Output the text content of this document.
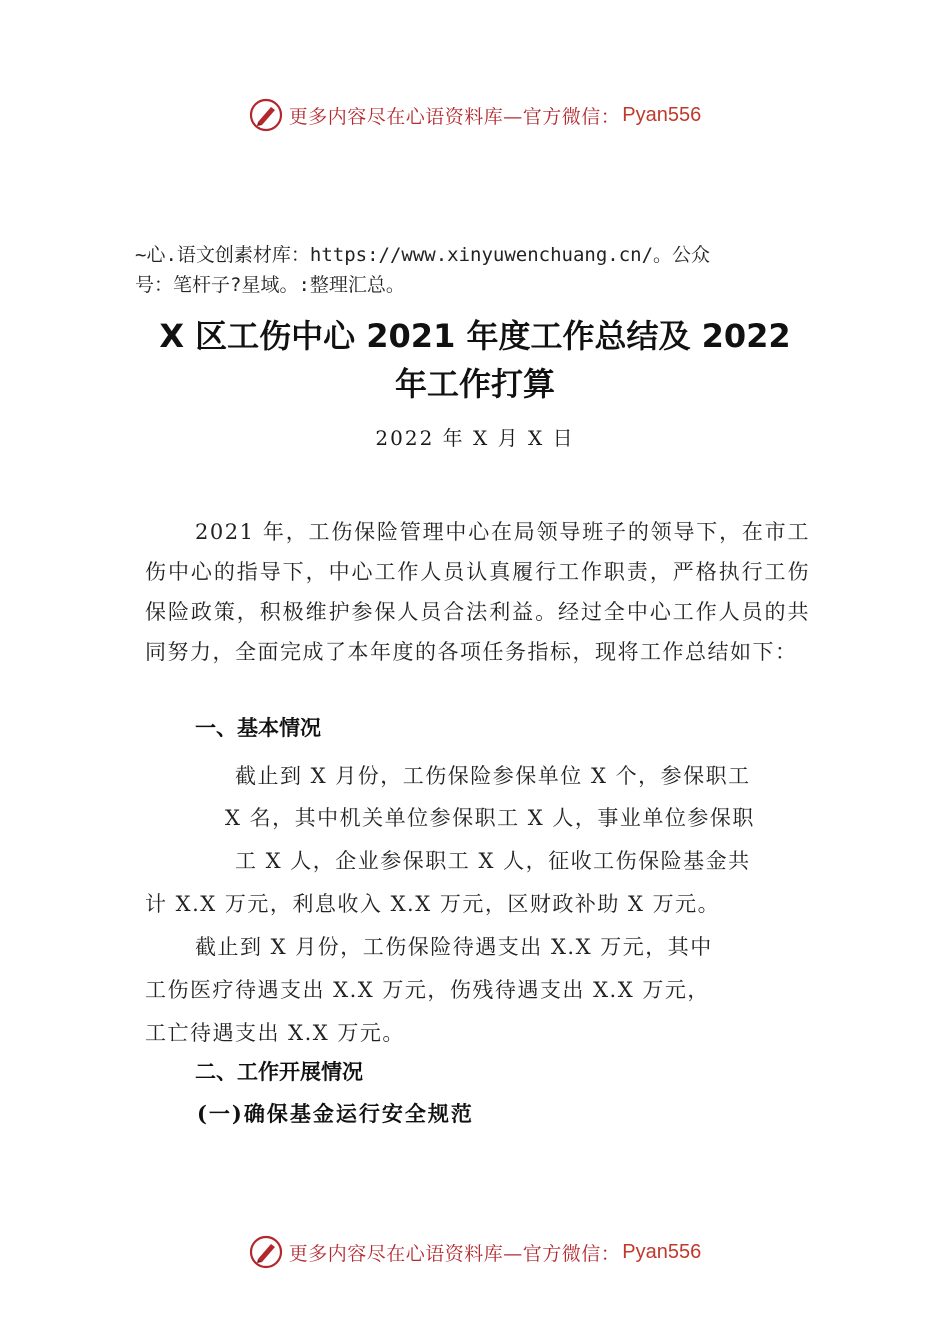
更多内容尽在心语资料库—官方微信： Pyan556
~心.语文创素材库：https://www.xinyuwenchuang.cn/。公众
号：笔杆子?星域。:整理汇总。
X 区工伤中心 2021 年度工作总结及 2022
年工作打算
2022 年 X 月 X 日

2021 年，工伤保险管理中心在局领导班子的领导下，在市工伤中心的指导下，中心工作人员认真履行工作职责，严格执行工伤保险政策，积极维护参保人员合法利益。经过全中心工作人员的共同努力，全面完成了本年度的各项任务指标，现将工作总结如下：

一、基本情况
截止到 X 月份，工伤保险参保单位 X 个，参保职工
X 名，其中机关单位参保职工 X 人，事业单位参保职
工 X 人，企业参保职工 X 人，征收工伤保险基金共
计 X.X 万元，利息收入 X.X 万元，区财政补助 X 万元。
截止到 X 月份，工伤保险待遇支出 X.X 万元，其中
工伤医疗待遇支出 X.X 万元，伤残待遇支出 X.X 万元，
工亡待遇支出 X.X 万元。
二、工作开展情况
(一)确保基金运行安全规范
更多内容尽在心语资料库—官方微信： Pyan556
